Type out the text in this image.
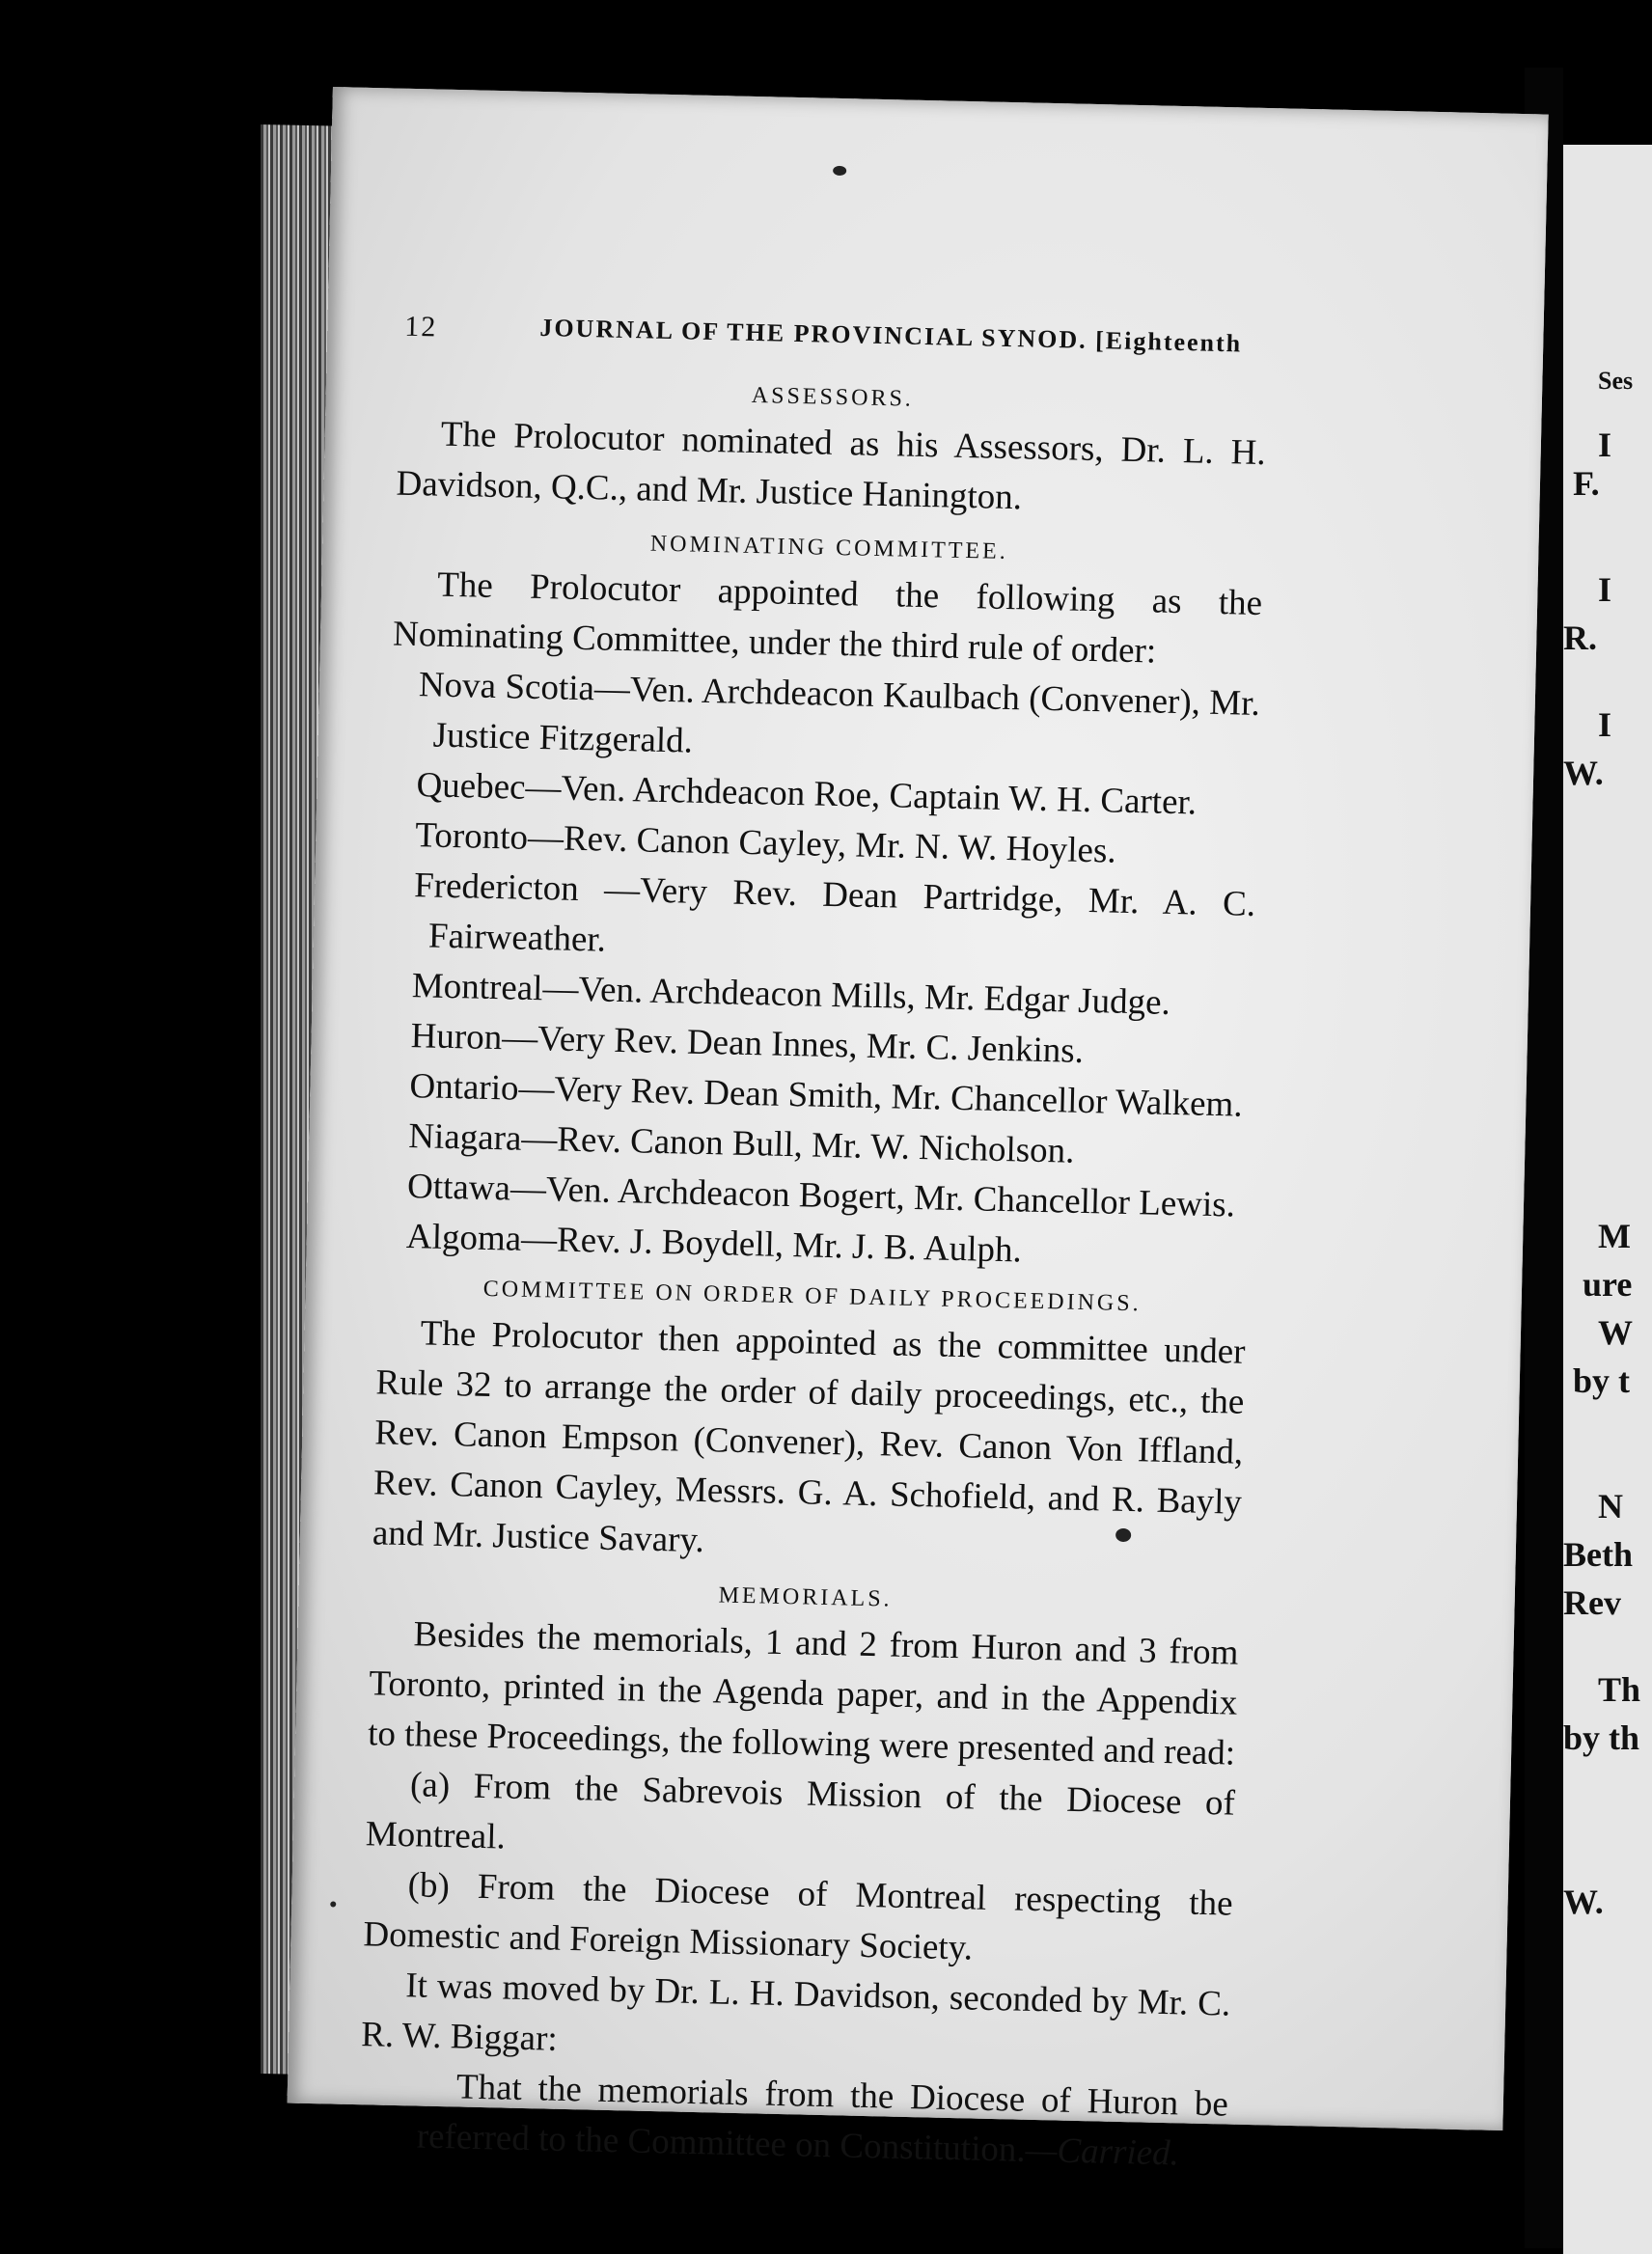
Ses
I
F.
I
R.
I
W.
M
ure
W
by t
N
Beth
Rev
Th
by th
W.
12	JOURNAL OF THE PROVINCIAL SYNOD. [Eighteenth
ASSESSORS.

The Prolocutor nominated as his Assessors, Dr. L. H. Davidson, Q.C., and Mr. Justice Hanington.

NOMINATING COMMITTEE.

The Prolocutor appointed the following as the Nominating Committee, under the third rule of order:

Nova Scotia—Ven. Archdeacon Kaulbach (Convener), Mr. Justice Fitzgerald.

Quebec—Ven. Archdeacon Roe, Captain W. H. Carter.

Toronto—Rev. Canon Cayley, Mr. N. W. Hoyles.

Fredericton —Very Rev. Dean Partridge, Mr. A. C. Fairweather.

Montreal—Ven. Archdeacon Mills, Mr. Edgar Judge.

Huron—Very Rev. Dean Innes, Mr. C. Jenkins.

Ontario—Very Rev. Dean Smith, Mr. Chancellor Walkem.

Niagara—Rev. Canon Bull, Mr. W. Nicholson.

Ottawa—Ven. Archdeacon Bogert, Mr. Chancellor Lewis.

Algoma—Rev. J. Boydell, Mr. J. B. Aulph.

COMMITTEE ON ORDER OF DAILY PROCEEDINGS.

The Prolocutor then appointed as the committee under Rule 32 to arrange the order of daily proceedings, etc., the Rev. Canon Empson (Convener), Rev. Canon Von Iffland, Rev. Canon Cayley, Messrs. G. A. Schofield, and R. Bayly and Mr. Justice Savary.

MEMORIALS.

Besides the memorials, 1 and 2 from Huron and 3 from Toronto, printed in the Agenda paper, and in the Appendix to these Proceedings, the following were presented and read:

(a) From the Sabrevois Mission of the Diocese of Montreal.

(b) From the Diocese of Montreal respecting the Domestic and Foreign Missionary Society.

It was moved by Dr. L. H. Davidson, seconded by Mr. C. R. W. Biggar:

That the memorials from the Diocese of Huron be referred to the Committee on Constitution.—Carried.
